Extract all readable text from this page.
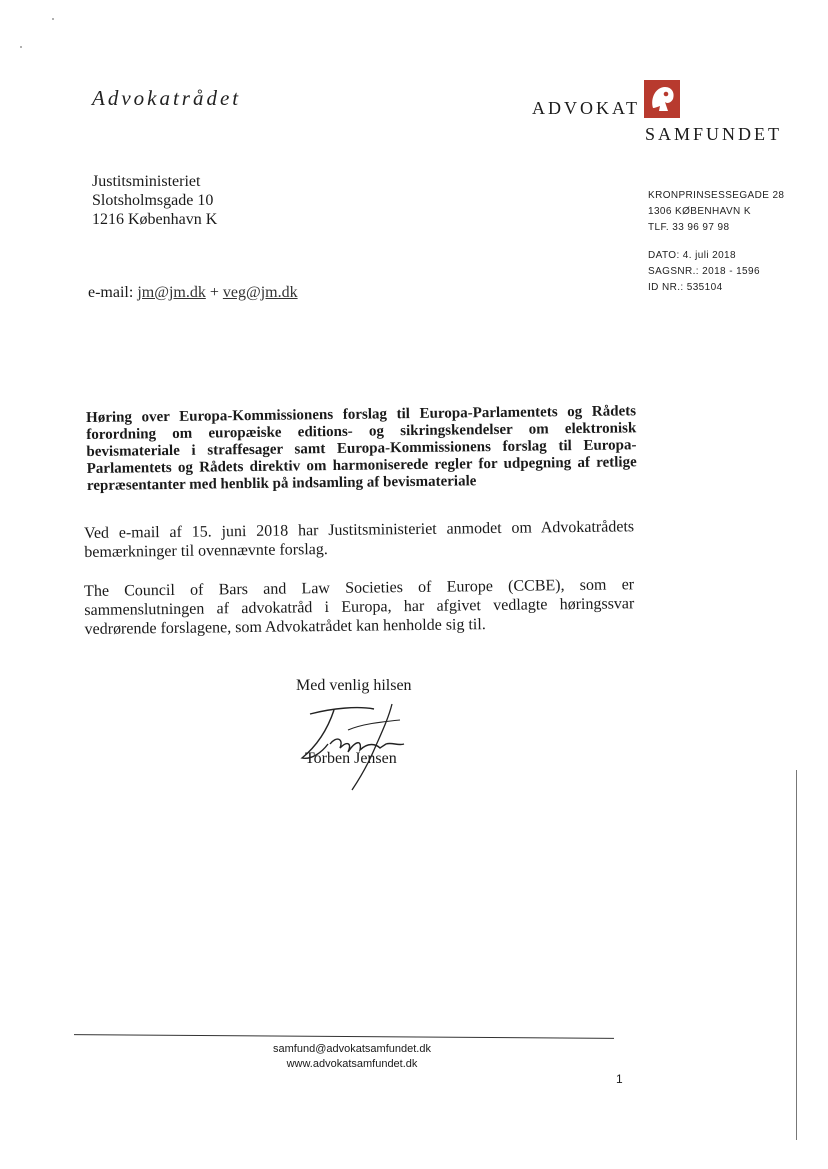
Advokatrådet	ADVOKAT
SAMFUNDET
Justitsministeriet
Slotsholmsgade 10
1216 København K
KRONPRINSESSEGADE 28
1306 KØBENHAVN K
TLF. 33 96 97 98
DATO: 4. juli 2018
SAGSNR.: 2018 - 1596
ID NR.: 535104
e-mail: jm@jm.dk + veg@jm.dk
Høring over Europa-Kommissionens forslag til Europa-Parlamentets og Rådets forordning om europæiske editions- og sikringskendelser om elektronisk bevismateriale i straffesager samt Europa-Kommissionens forslag til Europa-Parlamentets og Rådets direktiv om harmoniserede regler for udpegning af retlige repræsentanter med henblik på indsamling af bevismateriale
Ved e-mail af 15. juni 2018 har Justitsministeriet anmodet om Advokatrådets bemærkninger til ovennævnte forslag.
The Council of Bars and Law Societies of Europe (CCBE), som er sammenslutningen af advokatråd i Europa, har afgivet vedlagte høringssvar vedrørende forslagene, som Advokatrådet kan henholde sig til.
Med venlig hilsen
Torben Jensen
samfund@advokatsamfundet.dk
www.advokatsamfundet.dk
1
